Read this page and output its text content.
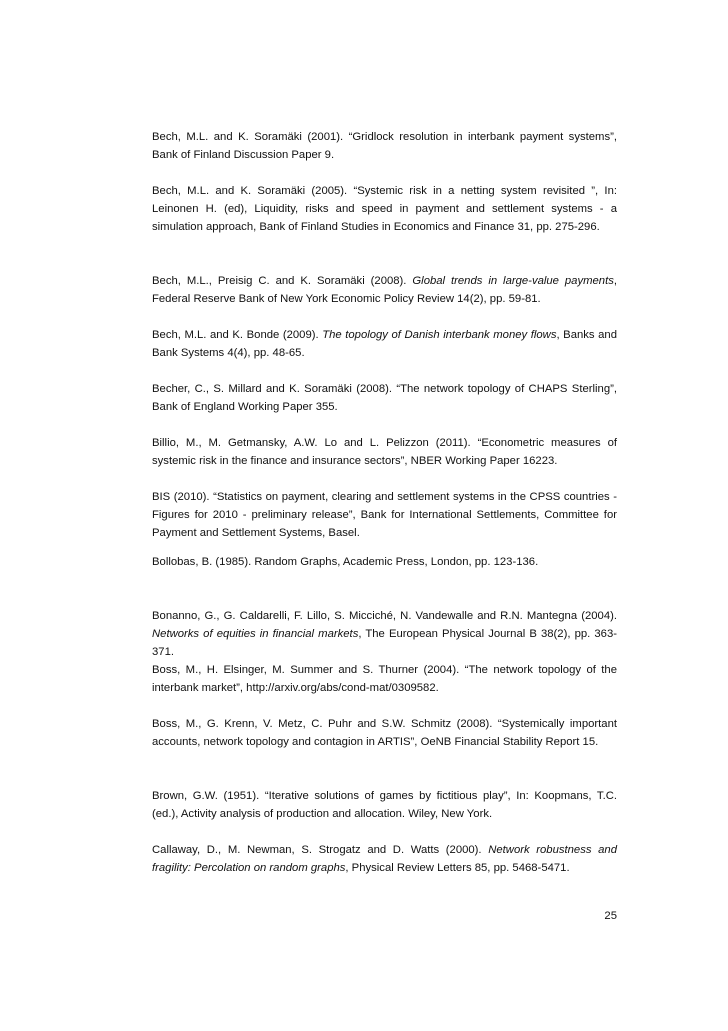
Bech, M.L. and K. Soramäki (2001). “Gridlock resolution in interbank payment systems”, Bank of Finland Discussion Paper 9.

Bech, M.L. and K. Soramäki (2005). “Systemic risk in a netting system revisited ”, In: Leinonen H. (ed), Liquidity, risks and speed in payment and settlement systems - a simulation approach, Bank of Finland Studies in Economics and Finance 31, pp. 275-296.

Bech, M.L., Preisig C. and K. Soramäki (2008). Global trends in large-value payments, Federal Reserve Bank of New York Economic Policy Review 14(2), pp. 59-81.

Bech, M.L. and K. Bonde (2009). The topology of Danish interbank money flows, Banks and Bank Systems 4(4), pp. 48-65.

Becher, C., S. Millard and K. Soramäki (2008). “The network topology of CHAPS Sterling”, Bank of England Working Paper 355.

Billio, M., M. Getmansky, A.W. Lo and L. Pelizzon (2011). “Econometric measures of systemic risk in the finance and insurance sectors”, NBER Working Paper 16223.

BIS (2010). “Statistics on payment, clearing and settlement systems in the CPSS countries - Figures for 2010 - preliminary release”, Bank for International Settlements, Committee for Payment and Settlement Systems, Basel.

Bollobas, B. (1985). Random Graphs, Academic Press, London, pp. 123-136.

Bonanno, G., G. Caldarelli, F. Lillo, S. Micciché, N. Vandewalle and R.N. Mantegna (2004). Networks of equities in financial markets, The European Physical Journal B 38(2), pp. 363-371.

Boss, M., H. Elsinger, M. Summer and S. Thurner (2004). “The network topology of the interbank market”, http://arxiv.org/abs/cond-mat/0309582.

Boss, M., G. Krenn, V. Metz, C. Puhr and S.W. Schmitz (2008). “Systemically important accounts, network topology and contagion in ARTIS”, OeNB Financial Stability Report 15.

Brown, G.W. (1951). “Iterative solutions of games by fictitious play”, In: Koopmans, T.C. (ed.), Activity analysis of production and allocation. Wiley, New York.

Callaway, D., M. Newman, S. Strogatz and D. Watts (2000). Network robustness and fragility: Percolation on random graphs, Physical Review Letters 85, pp. 5468-5471.

25
